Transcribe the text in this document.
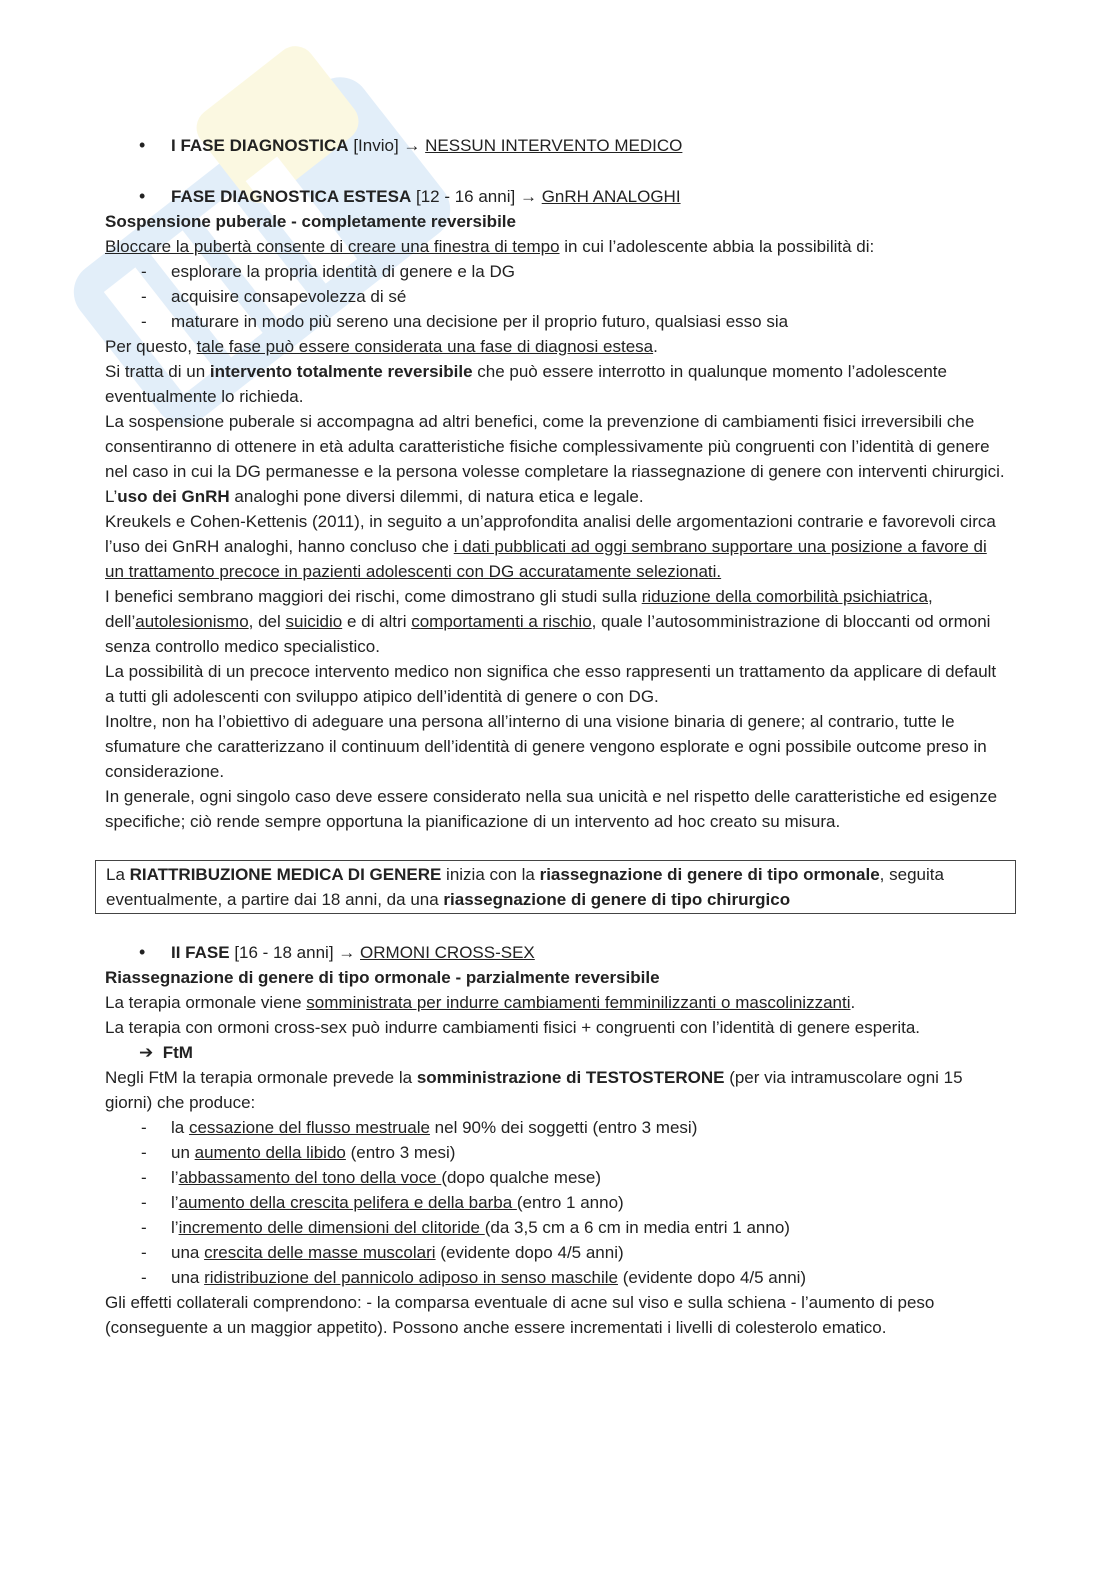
• I FASE DIAGNOSTICA [Invio] → NESSUN INTERVENTO MEDICO

• FASE DIAGNOSTICA ESTESA [12 - 16 anni] → GnRH ANALOGHI

Sospensione puberale - completamente reversibile

Bloccare la pubertà consente di creare una finestra di tempo in cui l’adolescente abbia la possibilità di:

- esplorare la propria identità di genere e la DG

- acquisire consapevolezza di sé

- maturare in modo più sereno una decisione per il proprio futuro, qualsiasi esso sia

Per questo, tale fase può essere considerata una fase di diagnosi estesa.

Si tratta di un intervento totalmente reversibile che può essere interrotto in qualunque momento l’adolescente eventualmente lo richieda.

La sospensione puberale si accompagna ad altri benefici, come la prevenzione di cambiamenti fisici irreversibili che consentiranno di ottenere in età adulta caratteristiche fisiche complessivamente più congruenti con l’identità di genere nel caso in cui la DG permanesse e la persona volesse completare la riassegnazione di genere con interventi chirurgici.

L’uso dei GnRH analoghi pone diversi dilemmi, di natura etica e legale.

Kreukels e Cohen-Kettenis (2011), in seguito a un’approfondita analisi delle argomentazioni contrarie e favorevoli circa l’uso dei GnRH analoghi, hanno concluso che i dati pubblicati ad oggi sembrano supportare una posizione a favore di un trattamento precoce in pazienti adolescenti con DG accuratamente selezionati.

I benefici sembrano maggiori dei rischi, come dimostrano gli studi sulla riduzione della comorbilità psichiatrica, dell’autolesionismo, del suicidio e di altri comportamenti a rischio, quale l’autosomministrazione di bloccanti od ormoni senza controllo medico specialistico.

La possibilità di un precoce intervento medico non significa che esso rappresenti un trattamento da applicare di default a tutti gli adolescenti con sviluppo atipico dell’identità di genere o con DG.

Inoltre, non ha l’obiettivo di adeguare una persona all’interno di una visione binaria di genere; al contrario, tutte le sfumature che caratterizzano il continuum dell’identità di genere vengono esplorate e ogni possibile outcome preso in considerazione.

In generale, ogni singolo caso deve essere considerato nella sua unicità e nel rispetto delle caratteristiche ed esigenze specifiche; ciò rende sempre opportuna la pianificazione di un intervento ad hoc creato su misura.

La RIATTRIBUZIONE MEDICA DI GENERE inizia con la riassegnazione di genere di tipo ormonale, seguita eventualmente, a partire dai 18 anni, da una riassegnazione di genere di tipo chirurgico

• II FASE [16 - 18 anni] → ORMONI CROSS-SEX

Riassegnazione di genere di tipo ormonale - parzialmente reversibile

La terapia ormonale viene somministrata per indurre cambiamenti femminilizzanti o mascolinizzanti.

La terapia con ormoni cross-sex può indurre cambiamenti fisici + congruenti con l’identità di genere esperita.

➔ FtM

Negli FtM la terapia ormonale prevede la somministrazione di TESTOSTERONE (per via intramuscolare ogni 15 giorni) che produce:

- la cessazione del flusso mestruale nel 90% dei soggetti (entro 3 mesi)

- un aumento della libido (entro 3 mesi)

- l’abbassamento del tono della voce (dopo qualche mese)

- l’aumento della crescita pelifera e della barba (entro 1 anno)

- l’incremento delle dimensioni del clitoride (da 3,5 cm a 6 cm in media entri 1 anno)

- una crescita delle masse muscolari (evidente dopo 4/5 anni)

- una ridistribuzione del pannicolo adiposo in senso maschile (evidente dopo 4/5 anni)

Gli effetti collaterali comprendono: - la comparsa eventuale di acne sul viso e sulla schiena - l’aumento di peso (conseguente a un maggior appetito). Possono anche essere incrementati i livelli di colesterolo ematico.
